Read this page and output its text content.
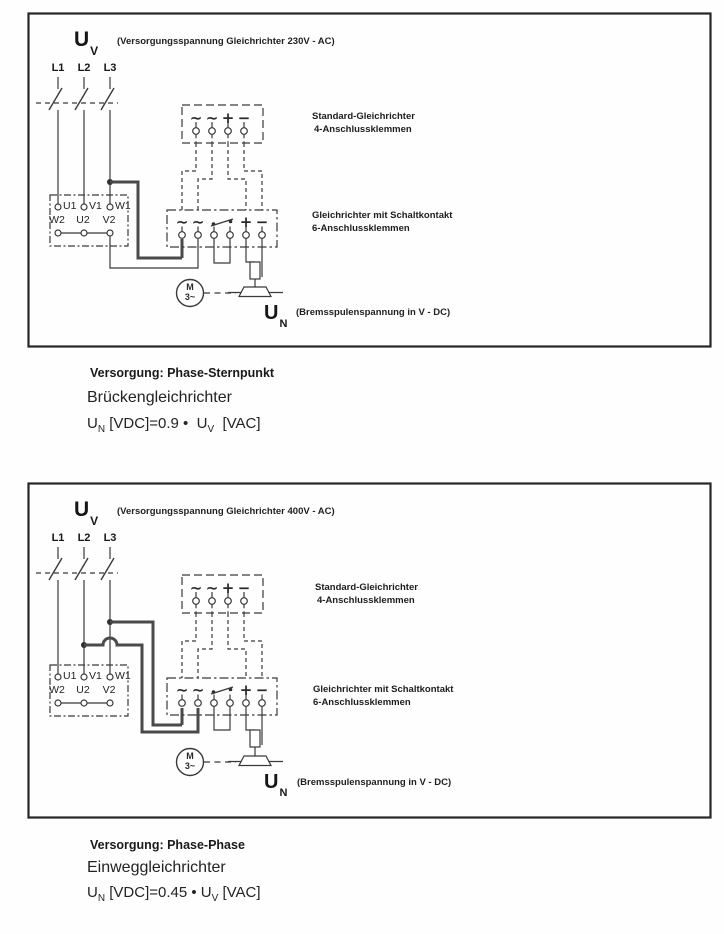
$U_V$
(Versorgungsspannung Gleichrichter 230V - AC)
L1 L2 L3
U1 V1 W1
W2 U2 V2
∼ ∼ + −	Standard-Gleichrichter
4-Anschlussklemmen
∼ ∼ + −	Gleichrichter mit Schaltkontakt
6-Anschlussklemmen
M
3~
$U_N$
(Bremsspulenspannung in V - DC)
Versorgung: Phase-Sternpunkt
Brückengleichrichter
$U_N$ [VDC]=0.9 •  $U_V$  [VAC]
$U_V$
(Versorgungsspannung Gleichrichter 400V - AC)
L1 L2 L3
U1 V1 W1
W2 U2 V2
∼ ∼ + −	Standard-Gleichrichter
4-Anschlussklemmen
∼ ∼ + −	Gleichrichter mit Schaltkontakt
6-Anschlussklemmen
M
3~
$U_N$
(Bremsspulenspannung in V - DC)
Versorgung: Phase-Phase
Einweggleichrichter
$U_N$ [VDC]=0.45 • $U_V$ [VAC]
